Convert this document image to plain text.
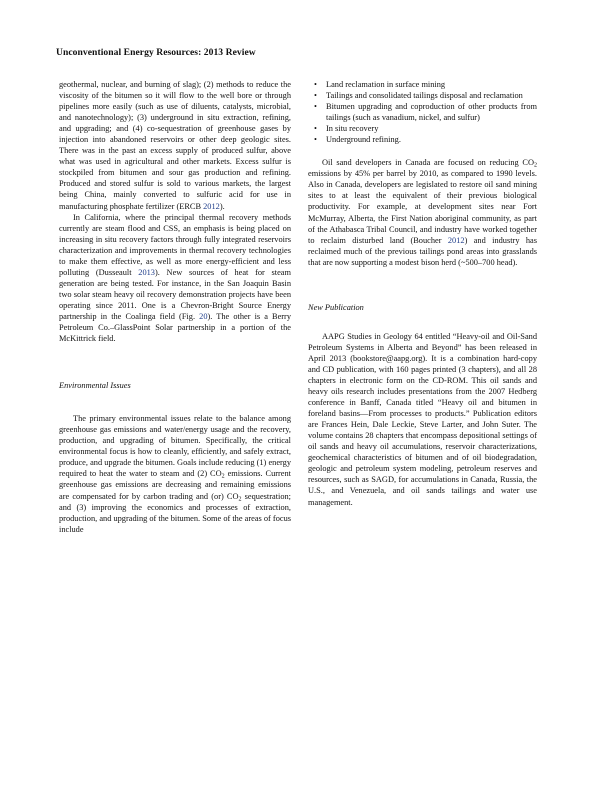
Unconventional Energy Resources: 2013 Review

geothermal, nuclear, and burning of slag); (2) methods to reduce the viscosity of the bitumen so it will flow to the well bore or through pipelines more easily (such as use of diluents, catalysts, microbial, and nanotechnology); (3) underground in situ extraction, refining, and upgrading; and (4) co-sequestration of greenhouse gases by injection into abandoned reservoirs or other deep geologic sites. There was in the past an excess supply of produced sulfur, above what was used in agricultural and other markets. Excess sulfur is stockpiled from bitumen and sour gas production and refining. Produced and stored sulfur is sold to various markets, the largest being China, mainly converted to sulfuric acid for use in manufacturing phosphate fertilizer (ERCB 2012).

In California, where the principal thermal recovery methods currently are steam flood and CSS, an emphasis is being placed on increasing in situ recovery factors through fully integrated reservoirs characterization and improvements in thermal recovery technologies to make them effective, as well as more energy-efficient and less polluting (Dusseault 2013). New sources of heat for steam generation are being tested. For instance, in the San Joaquin Basin two solar steam heavy oil recovery demonstration projects have been operating since 2011. One is a Chevron-Bright Source Energy partnership in the Coalinga field (Fig. 20). The other is a Berry Petroleum Co.–GlassPoint Solar partnership in a portion of the McKittrick field.

Environmental Issues

The primary environmental issues relate to the balance among greenhouse gas emissions and water/energy usage and the recovery, production, and upgrading of bitumen. Specifically, the critical environmental focus is how to cleanly, efficiently, and safely extract, produce, and upgrade the bitumen. Goals include reducing (1) energy required to heat the water to steam and (2) $CO_2$ emissions. Current greenhouse gas emissions are decreasing and remaining emissions are compensated for by carbon trading and (or) $CO_2$ sequestration; and (3) improving the economics and processes of extraction, production, and upgrading of the bitumen. Some of the areas of focus include

• Land reclamation in surface mining
• Tailings and consolidated tailings disposal and reclamation
• Bitumen upgrading and coproduction of other products from tailings (such as vanadium, nickel, and sulfur)
• In situ recovery
• Underground refining.

Oil sand developers in Canada are focused on reducing $CO_2$ emissions by 45% per barrel by 2010, as compared to 1990 levels. Also in Canada, developers are legislated to restore oil sand mining sites to at least the equivalent of their previous biological productivity. For example, at development sites near Fort McMurray, Alberta, the First Nation aboriginal community, as part of the Athabasca Tribal Council, and industry have worked together to reclaim disturbed land (Boucher 2012) and industry has reclaimed much of the previous tailings pond areas into grasslands that are now supporting a modest bison herd (~500–700 head).

New Publication

AAPG Studies in Geology 64 entitled “Heavy-oil and Oil-Sand Petroleum Systems in Alberta and Beyond” has been released in April 2013 (bookstore@aapg.org). It is a combination hard-copy and CD publication, with 160 pages printed (3 chapters), and all 28 chapters in electronic form on the CD-ROM. This oil sands and heavy oils research includes presentations from the 2007 Hedberg conference in Banff, Canada titled “Heavy oil and bitumen in foreland basins—From processes to products.” Publication editors are Frances Hein, Dale Leckie, Steve Larter, and John Suter. The volume contains 28 chapters that encompass depositional settings of oil sands and heavy oil accumulations, reservoir characterizations, geochemical characteristics of bitumen and of oil biodegradation, geologic and petroleum system modeling, petroleum reserves and resources, such as SAGD, for accumulations in Canada, Russia, the U.S., and Venezuela, and oil sands tailings and water use management.
